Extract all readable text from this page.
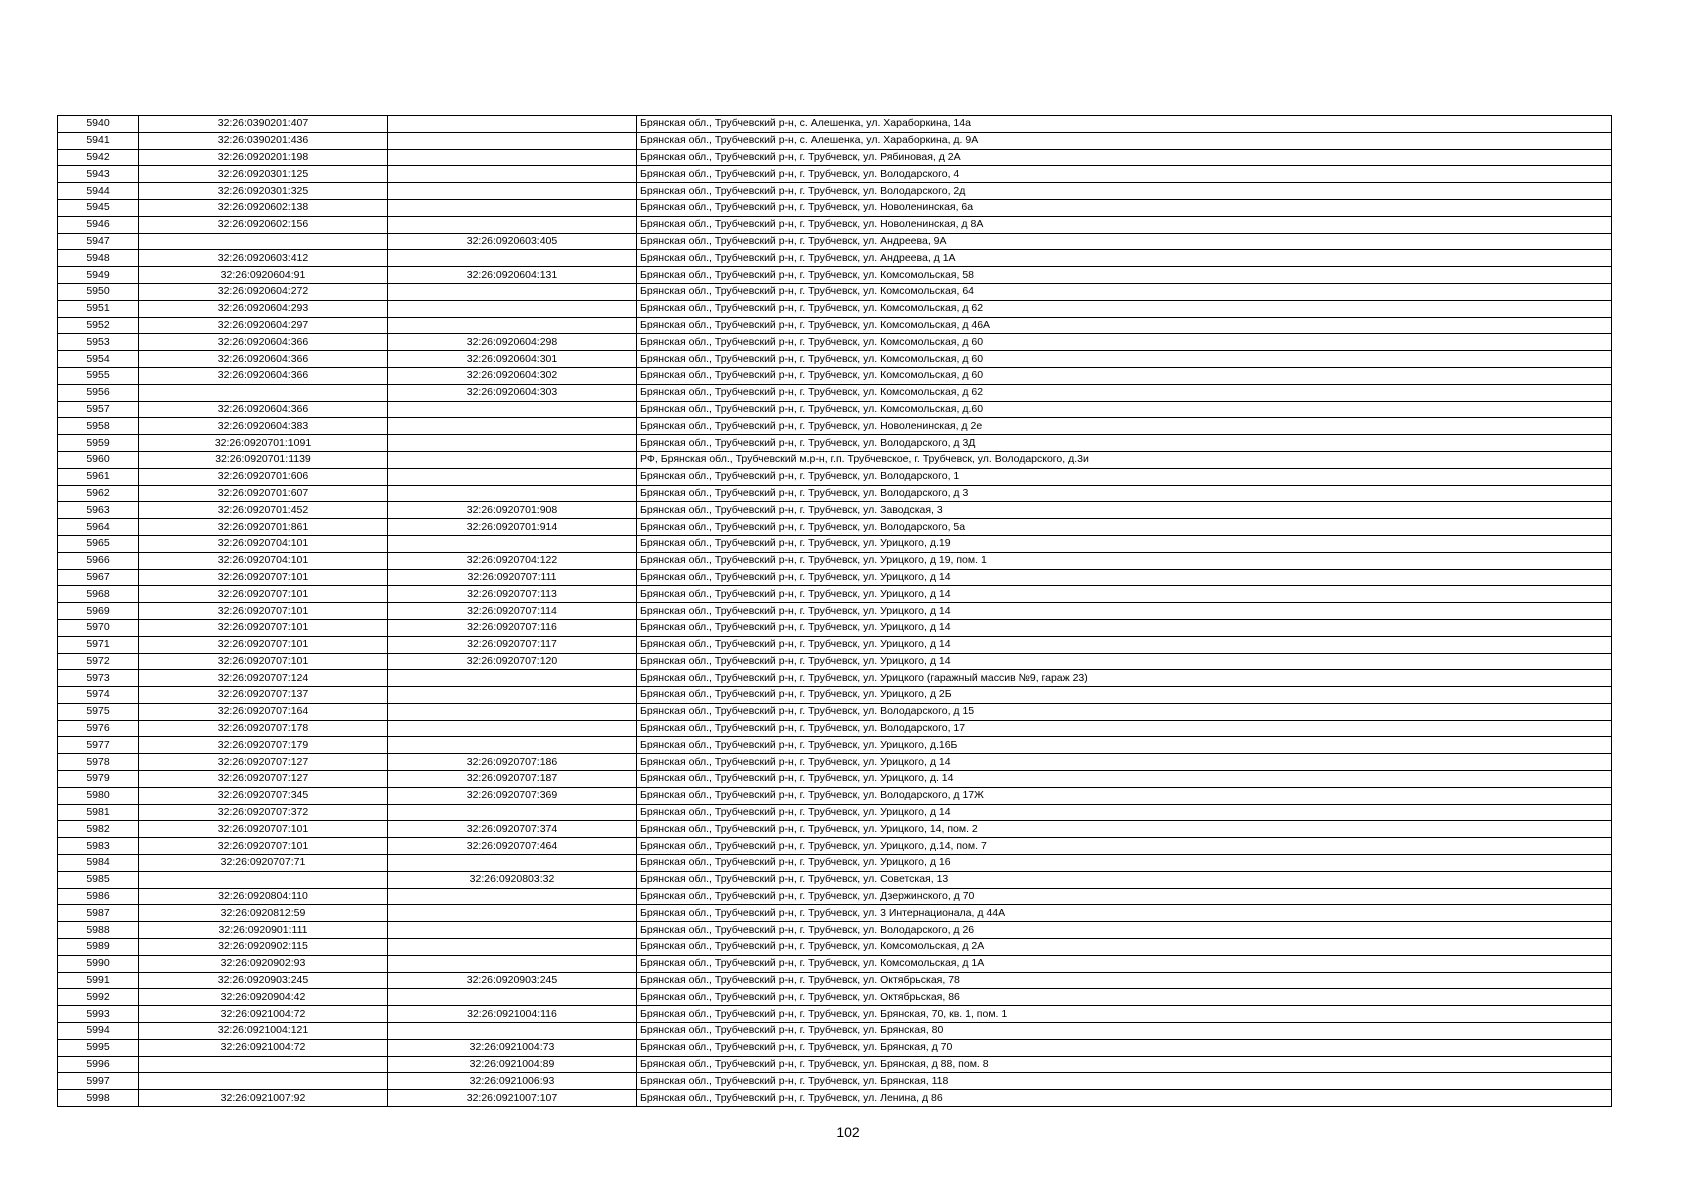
5940	32:26:0390201:407		Брянская обл., Трубчевский р-н, с. Алешенка, ул. Хараборкина, 14а
5941	32:26:0390201:436		Брянская обл., Трубчевский р-н, с. Алешенка, ул. Хараборкина, д. 9А
5942	32:26:0920201:198		Брянская обл., Трубчевский р-н, г. Трубчевск, ул. Рябиновая, д 2А
5943	32:26:0920301:125		Брянская обл., Трубчевский р-н, г. Трубчевск, ул. Володарского, 4
5944	32:26:0920301:325		Брянская обл., Трубчевский р-н, г. Трубчевск, ул. Володарского, 2д
5945	32:26:0920602:138		Брянская обл., Трубчевский р-н, г. Трубчевск, ул. Новоленинская, 6а
5946	32:26:0920602:156		Брянская обл., Трубчевский р-н, г. Трубчевск, ул. Новоленинская, д 8А
5947		32:26:0920603:405	Брянская обл., Трубчевский р-н, г. Трубчевск, ул. Андреева, 9А
5948	32:26:0920603:412		Брянская обл., Трубчевский р-н, г. Трубчевск, ул. Андреева, д 1А
5949	32:26:0920604:91	32:26:0920604:131	Брянская обл., Трубчевский р-н, г. Трубчевск, ул. Комсомольская, 58
5950	32:26:0920604:272		Брянская обл., Трубчевский р-н, г. Трубчевск, ул. Комсомольская, 64
5951	32:26:0920604:293		Брянская обл., Трубчевский р-н, г. Трубчевск, ул. Комсомольская, д 62
5952	32:26:0920604:297		Брянская обл., Трубчевский р-н, г. Трубчевск, ул. Комсомольская, д 46А
5953	32:26:0920604:366	32:26:0920604:298	Брянская обл., Трубчевский р-н, г. Трубчевск, ул. Комсомольская, д 60
5954	32:26:0920604:366	32:26:0920604:301	Брянская обл., Трубчевский р-н, г. Трубчевск, ул. Комсомольская, д 60
5955	32:26:0920604:366	32:26:0920604:302	Брянская обл., Трубчевский р-н, г. Трубчевск, ул. Комсомольская, д 60
5956		32:26:0920604:303	Брянская обл., Трубчевский р-н, г. Трубчевск, ул. Комсомольская, д 62
5957	32:26:0920604:366		Брянская обл., Трубчевский р-н, г. Трубчевск, ул. Комсомольская, д.60
5958	32:26:0920604:383		Брянская обл., Трубчевский р-н, г. Трубчевск, ул. Новоленинская, д 2е
5959	32:26:0920701:1091		Брянская обл., Трубчевский р-н, г. Трубчевск, ул. Володарского, д 3Д
5960	32:26:0920701:1139		РФ, Брянская обл., Трубчевский м.р-н, г.п. Трубчевское, г. Трубчевск, ул. Володарского, д.3и
5961	32:26:0920701:606		Брянская обл., Трубчевский р-н, г. Трубчевск, ул. Володарского, 1
5962	32:26:0920701:607		Брянская обл., Трубчевский р-н, г. Трубчевск, ул. Володарского, д 3
5963	32:26:0920701:452	32:26:0920701:908	Брянская обл., Трубчевский р-н, г. Трубчевск, ул. Заводская, 3
5964	32:26:0920701:861	32:26:0920701:914	Брянская обл., Трубчевский р-н, г. Трубчевск, ул. Володарского, 5а
5965	32:26:0920704:101		Брянская обл., Трубчевский р-н, г. Трубчевск, ул. Урицкого, д.19
5966	32:26:0920704:101	32:26:0920704:122	Брянская обл., Трубчевский р-н, г. Трубчевск, ул. Урицкого, д 19, пом. 1
5967	32:26:0920707:101	32:26:0920707:111	Брянская обл., Трубчевский р-н, г. Трубчевск, ул. Урицкого, д 14
5968	32:26:0920707:101	32:26:0920707:113	Брянская обл., Трубчевский р-н, г. Трубчевск, ул. Урицкого, д 14
5969	32:26:0920707:101	32:26:0920707:114	Брянская обл., Трубчевский р-н, г. Трубчевск, ул. Урицкого, д 14
5970	32:26:0920707:101	32:26:0920707:116	Брянская обл., Трубчевский р-н, г. Трубчевск, ул. Урицкого, д 14
5971	32:26:0920707:101	32:26:0920707:117	Брянская обл., Трубчевский р-н, г. Трубчевск, ул. Урицкого, д 14
5972	32:26:0920707:101	32:26:0920707:120	Брянская обл., Трубчевский р-н, г. Трубчевск, ул. Урицкого, д 14
5973	32:26:0920707:124		Брянская обл., Трубчевский р-н, г. Трубчевск, ул. Урицкого (гаражный массив №9, гараж 23)
5974	32:26:0920707:137		Брянская обл., Трубчевский р-н, г. Трубчевск, ул. Урицкого, д 2Б
5975	32:26:0920707:164		Брянская обл., Трубчевский р-н, г. Трубчевск, ул. Володарского, д 15
5976	32:26:0920707:178		Брянская обл., Трубчевский р-н, г. Трубчевск, ул. Володарского, 17
5977	32:26:0920707:179		Брянская обл., Трубчевский р-н, г. Трубчевск, ул. Урицкого, д.16Б
5978	32:26:0920707:127	32:26:0920707:186	Брянская обл., Трубчевский р-н, г. Трубчевск, ул. Урицкого, д 14
5979	32:26:0920707:127	32:26:0920707:187	Брянская обл., Трубчевский р-н, г. Трубчевск, ул. Урицкого, д. 14
5980	32:26:0920707:345	32:26:0920707:369	Брянская обл., Трубчевский р-н, г. Трубчевск, ул. Володарского, д 17Ж
5981	32:26:0920707:372		Брянская обл., Трубчевский р-н, г. Трубчевск, ул. Урицкого, д 14
5982	32:26:0920707:101	32:26:0920707:374	Брянская обл., Трубчевский р-н, г. Трубчевск, ул. Урицкого, 14, пом. 2
5983	32:26:0920707:101	32:26:0920707:464	Брянская обл., Трубчевский р-н, г. Трубчевск, ул. Урицкого, д.14, пом. 7
5984	32:26:0920707:71		Брянская обл., Трубчевский р-н, г. Трубчевск, ул. Урицкого, д 16
5985		32:26:0920803:32	Брянская обл., Трубчевский р-н, г. Трубчевск, ул. Советская, 13
5986	32:26:0920804:110		Брянская обл., Трубчевский р-н, г. Трубчевск, ул. Дзержинского, д 70
5987	32:26:0920812:59		Брянская обл., Трубчевский р-н, г. Трубчевск, ул. 3 Интернационала, д 44А
5988	32:26:0920901:111		Брянская обл., Трубчевский р-н, г. Трубчевск, ул. Володарского, д 26
5989	32:26:0920902:115		Брянская обл., Трубчевский р-н, г. Трубчевск, ул. Комсомольская, д 2А
5990	32:26:0920902:93		Брянская обл., Трубчевский р-н, г. Трубчевск, ул. Комсомольская, д 1А
5991	32:26:0920903:245	32:26:0920903:245	Брянская обл., Трубчевский р-н, г. Трубчевск, ул. Октябрьская, 78
5992	32:26:0920904:42		Брянская обл., Трубчевский р-н, г. Трубчевск, ул. Октябрьская, 86
5993	32:26:0921004:72	32:26:0921004:116	Брянская обл., Трубчевский р-н, г. Трубчевск, ул. Брянская, 70, кв. 1, пом. 1
5994	32:26:0921004:121		Брянская обл., Трубчевский р-н, г. Трубчевск, ул. Брянская, 80
5995	32:26:0921004:72	32:26:0921004:73	Брянская обл., Трубчевский р-н, г. Трубчевск, ул. Брянская, д 70
5996		32:26:0921004:89	Брянская обл., Трубчевский р-н, г. Трубчевск, ул. Брянская, д 88, пом. 8
5997		32:26:0921006:93	Брянская обл., Трубчевский р-н, г. Трубчевск, ул. Брянская, 118
5998	32:26:0921007:92	32:26:0921007:107	Брянская обл., Трубчевский р-н, г. Трубчевск, ул. Ленина, д 86
102
